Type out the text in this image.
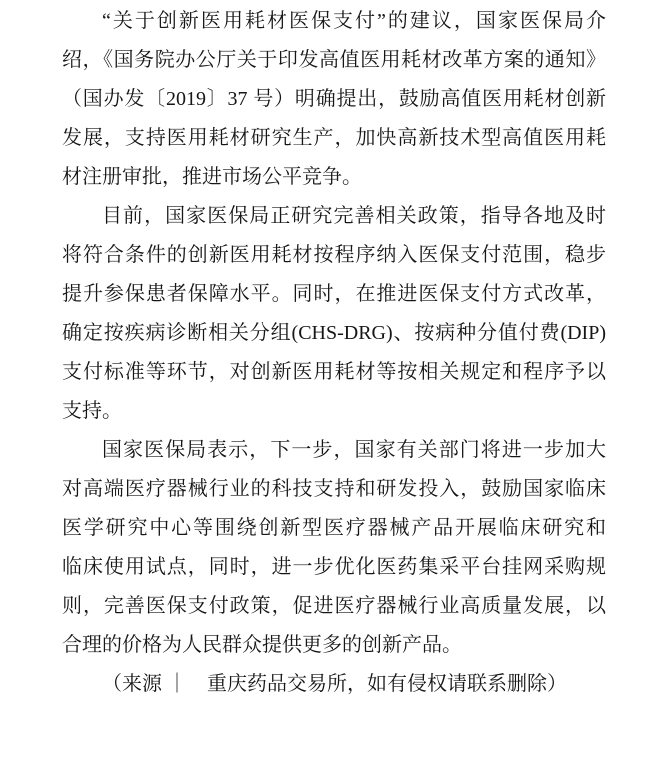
“关于创新医用耗材医保支付”的建议，国家医保局介
绍，《国务院办公厅关于印发高值医用耗材改革方案的通知》
（国办发〔2019〕37 号）明确提出，鼓励高值医用耗材创新
发展，支持医用耗材研究生产，加快高新技术型高值医用耗
材注册审批，推进市场公平竞争。
目前，国家医保局正研究完善相关政策，指导各地及时
将符合条件的创新医用耗材按程序纳入医保支付范围，稳步
提升参保患者保障水平。同时，在推进医保支付方式改革，
确定按疾病诊断相关分组(CHS-DRG)、按病种分值付费(DIP)
支付标准等环节，对创新医用耗材等按相关规定和程序予以
支持。
国家医保局表示，下一步，国家有关部门将进一步加大
对高端医疗器械行业的科技支持和研发投入，鼓励国家临床
医学研究中心等围绕创新型医疗器械产品开展临床研究和
临床使用试点，同时，进一步优化医药集采平台挂网采购规
则，完善医保支付政策，促进医疗器械行业高质量发展，以
合理的价格为人民群众提供更多的创新产品。
（来源 ｜　重庆药品交易所，如有侵权请联系删除）
